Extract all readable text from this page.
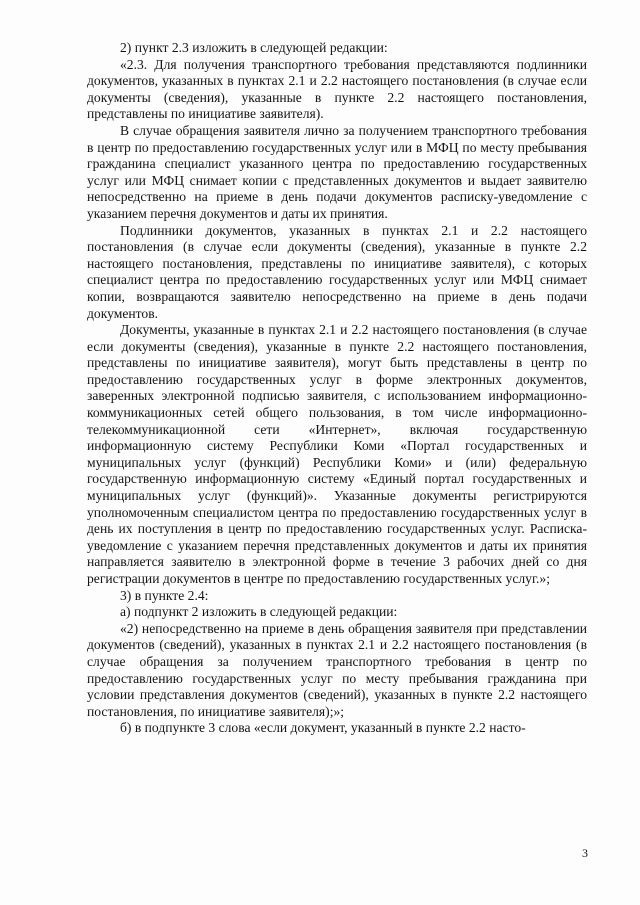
2) пункт 2.3 изложить в следующей редакции:

«2.3. Для получения транспортного требования представляются подлинники документов, указанных в пунктах 2.1 и 2.2 настоящего постановления (в случае если документы (сведения), указанные в пункте 2.2 настоящего постановления, представлены по инициативе заявителя).

В случае обращения заявителя лично за получением транспортного требования в центр по предоставлению государственных услуг или в МФЦ по месту пребывания гражданина специалист указанного центра по предоставлению государственных услуг или МФЦ снимает копии с представленных документов и выдает заявителю непосредственно на приеме в день подачи документов расписку-уведомление с указанием перечня документов и даты их принятия.

Подлинники документов, указанных в пунктах 2.1 и 2.2 настоящего постановления (в случае если документы (сведения), указанные в пункте 2.2 настоящего постановления, представлены по инициативе заявителя), с которых специалист центра по предоставлению государственных услуг или МФЦ снимает копии, возвращаются заявителю непосредственно на приеме в день подачи документов.

Документы, указанные в пунктах 2.1 и 2.2 настоящего постановления (в случае если документы (сведения), указанные в пункте 2.2 настоящего постановления, представлены по инициативе заявителя), могут быть представлены в центр по предоставлению государственных услуг в форме электронных документов, заверенных электронной подписью заявителя, с использованием информационно-коммуникационных сетей общего пользования, в том числе информационно-телекоммуникационной сети «Интернет», включая государственную информационную систему Республики Коми «Портал государственных и муниципальных услуг (функций) Республики Коми» и (или) федеральную государственную информационную систему «Единый портал государственных и муниципальных услуг (функций)». Указанные документы регистрируются уполномоченным специалистом центра по предоставлению государственных услуг в день их поступления в центр по предоставлению государственных услуг. Расписка-уведомление с указанием перечня представленных документов и даты их принятия направляется заявителю в электронной форме в течение 3 рабочих дней со дня регистрации документов в центре по предоставлению государственных услуг.»;

3) в пункте 2.4:

а) подпункт 2 изложить в следующей редакции:

«2) непосредственно на приеме в день обращения заявителя при представлении документов (сведений), указанных в пунктах 2.1 и 2.2 настоящего постановления (в случае обращения за получением транспортного требования в центр по предоставлению государственных услуг по месту пребывания гражданина при условии представления документов (сведений), указанных в пункте 2.2 настоящего постановления, по инициативе заявителя);»;

б) в подпункте 3 слова «если документ, указанный в пункте 2.2 насто-

3
